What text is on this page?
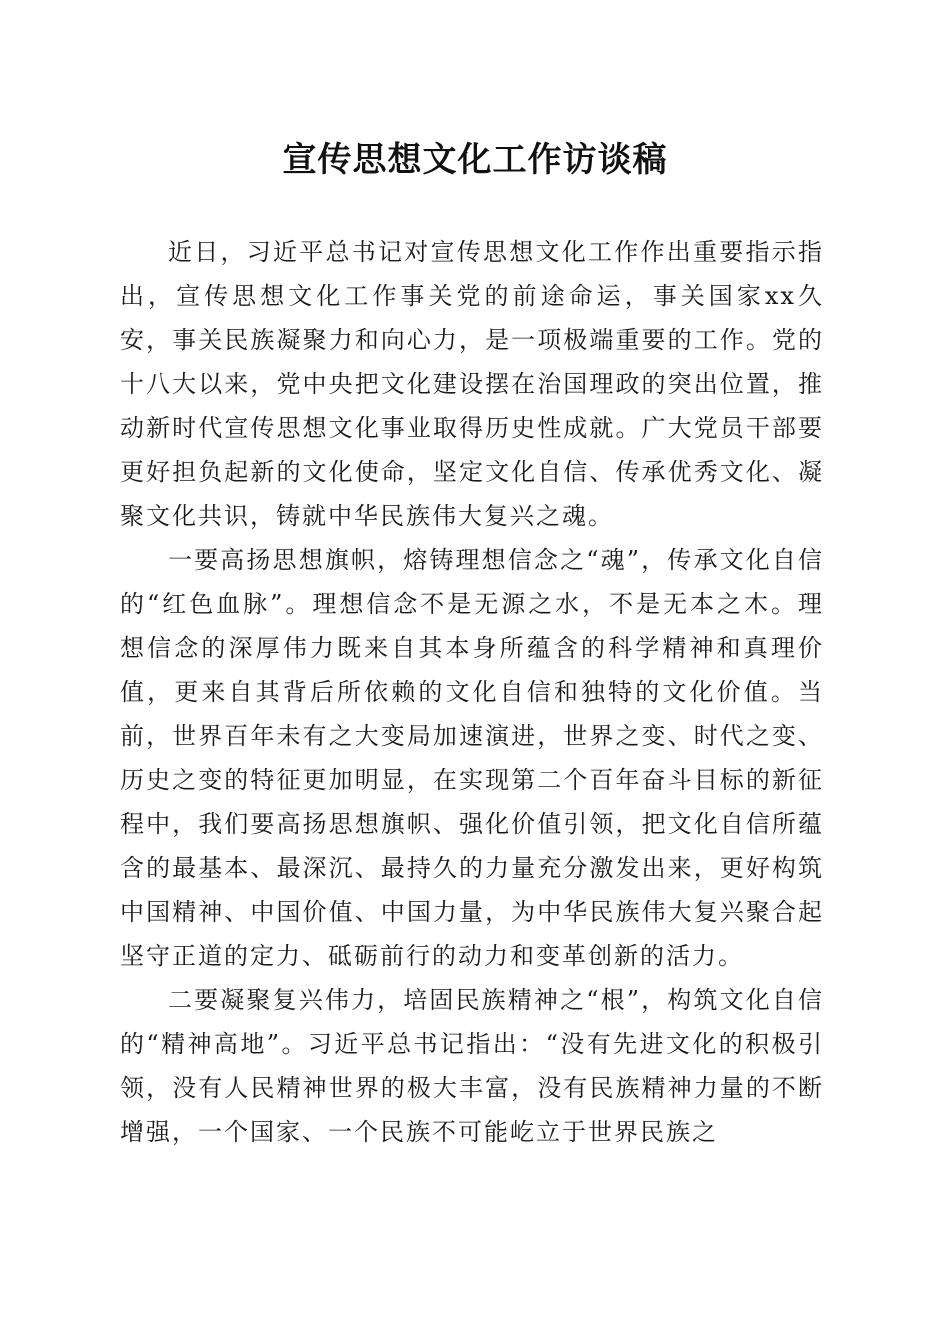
宣传思想文化工作访谈稿

近日，习近平总书记对宣传思想文化工作作出重要指示指出，宣传思想文化工作事关党的前途命运，事关国家xx久安，事关民族凝聚力和向心力，是一项极端重要的工作。党的十八大以来，党中央把文化建设摆在治国理政的突出位置，推动新时代宣传思想文化事业取得历史性成就。广大党员干部要更好担负起新的文化使命，坚定文化自信、传承优秀文化、凝聚文化共识，铸就中华民族伟大复兴之魂。

一要高扬思想旗帜，熔铸理想信念之“魂”，传承文化自信的“红色血脉”。理想信念不是无源之水，不是无本之木。理想信念的深厚伟力既来自其本身所蕴含的科学精神和真理价值，更来自其背后所依赖的文化自信和独特的文化价值。当前，世界百年未有之大变局加速演进，世界之变、时代之变、历史之变的特征更加明显，在实现第二个百年奋斗目标的新征程中，我们要高扬思想旗帜、强化价值引领，把文化自信所蕴含的最基本、最深沉、最持久的力量充分激发出来，更好构筑中国精神、中国价值、中国力量，为中华民族伟大复兴聚合起坚守正道的定力、砥砺前行的动力和变革创新的活力。

二要凝聚复兴伟力，培固民族精神之“根”，构筑文化自信的“精神高地”。习近平总书记指出：“没有先进文化的积极引领，没有人民精神世界的极大丰富，没有民族精神力量的不断增强，一个国家、一个民族不可能屹立于世界民族之
